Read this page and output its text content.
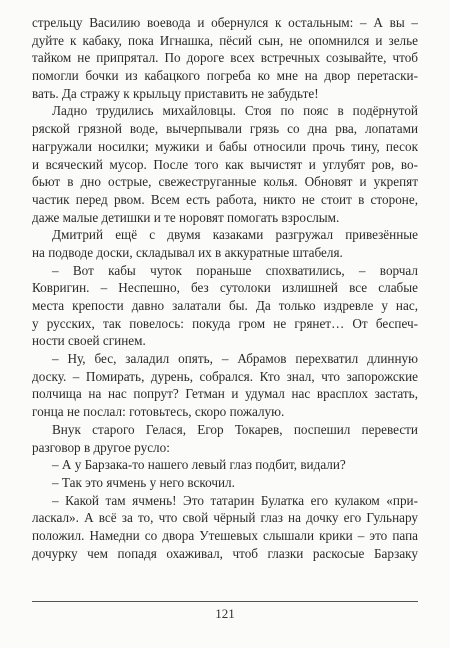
стрельцу Василию воевода и обернулся к остальным: – А вы –
дуйте к кабаку, пока Игнашка, пёсий сын, не опомнился и зелье
тайком не припрятал. По дороге всех встречных созывайте, чтоб
помогли бочки из кабацкого погреба ко мне на двор перетаски-
вать. Да стражу к крыльцу приставить не забудьте!
Ладно трудились михайловцы. Стоя по пояс в подёрнутой
ряской грязной воде, вычерпывали грязь со дна рва, лопатами
нагружали носилки; мужики и бабы относили прочь тину, песок
и всяческий мусор. После того как вычистят и углубят ров, во-
бьют в дно острые, свежеструганные колья. Обновят и укрепят
частик перед рвом. Всем есть работа, никто не стоит в стороне,
даже малые детишки и те норовят помогать взрослым.
Дмитрий ещё с двумя казаками разгружал привезённые
на подводе доски, складывал их в аккуратные штабеля.
– Вот кабы чуток пораньше спохватились, – ворчал
Ковригин. – Неспешно, без сутолоки излишней все слабые
места крепости давно залатали бы. Да только издревле у нас,
у русских, так повелось: покуда гром не грянет… От беспеч-
ности своей сгинем.
– Ну, бес, заладил опять, – Абрамов перехватил длинную
доску. – Помирать, дурень, собрался. Кто знал, что запорожские
полчища на нас попрут? Гетман и удумал нас врасплох застать,
гонца не послал: готовьтесь, скоро пожалую.
Внук старого Гелася, Егор Токарев, поспешил перевести
разговор в другое русло:
– А у Барзака-то нашего левый глаз подбит, видали?
– Так это ячмень у него вскочил.
– Какой там ячмень! Это татарин Булатка его кулаком «при-
ласкал». А всё за то, что свой чёрный глаз на дочку его Гульнару
положил. Намедни со двора Утешевых слышали крики – это папа
дочурку чем попадя охаживал, чтоб глазки раскосые Барзаку
121
